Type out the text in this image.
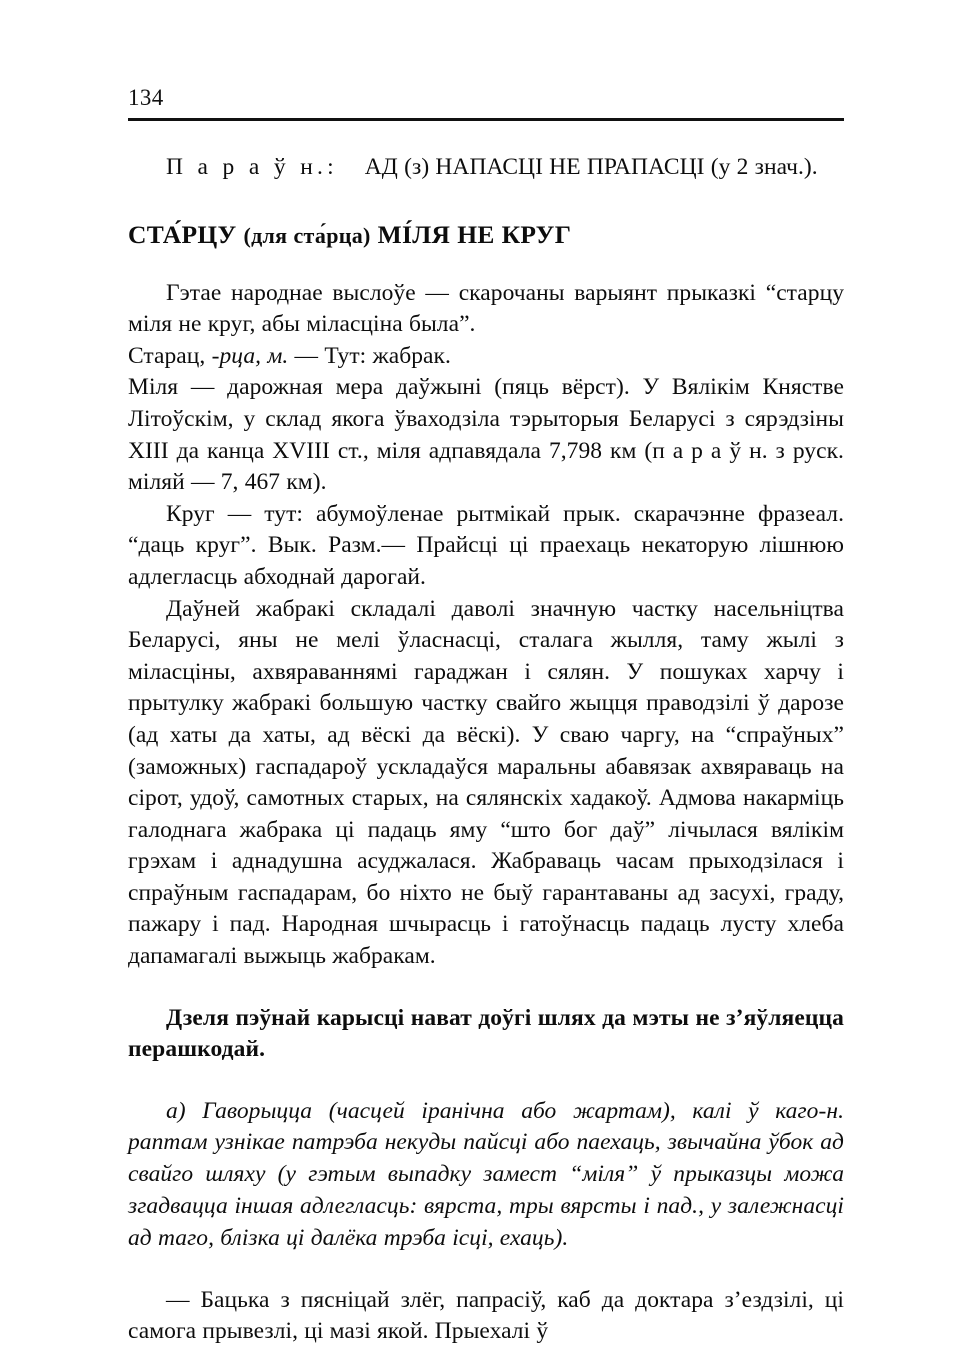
134

П а р а ў н.: АД (з) НАПАСЦІ НЕ ПРАПАСЦІ (у 2 знач.).

СТА́РЦУ (для ста́рца) МІ́ЛЯ НЕ КРУГ

Гэтае народнае выслоўе — скарочаны варыянт прыказкі “старцу міля не круг, абы міласціна была”.

Старац, -рца, м. — Тут: жабрак.

Міля — дарожная мера даўжыні (пяць вёрст). У Вялікім Княстве Літоўскім, у склад якога ўваходзіла тэрыторыя Беларусі з сярэдзіны XIII да канца XVIII ст., міля адпавядала 7,798 км (п а р а ў н. з руск. міляй — 7, 467 км).

Круг — тут: абумоўленае рытмікай прык. скарачэнне фразеал. “даць круг”. Вык. Разм.— Прайсці ці праехаць некаторую лішнюю адлегласць абходнай дарогай.

Даўней жабракі складалі даволі значную частку насельніцтва Беларусі, яны не мелі ўласнасці, сталага жылля, таму жылі з міласціны, ахвяраваннямі гараджан і сялян. У пошуках харчу і прытулку жабракі большую частку свайго жыцця праводзілі ў дарозе (ад хаты да хаты, ад вёскі да вёскі). У сваю чаргу, на “спраўных” (заможных) гаспадароў ускладаўся маральны абавязак ахвяраваць на сірот, удоў, самотных старых, на сялянскіх хадакоў. Адмова накарміць галоднага жабрака ці падаць яму “што бог даў” лічылася вялікім грэхам і аднадушна асуджалася. Жабраваць часам прыходзілася і спраўным гаспадарам, бо ніхто не быў гарантаваны ад засухі, граду, пажару і пад. Народная шчырасць і гатоўнасць падаць лусту хлеба дапамагалі выжыць жабракам.

Дзеля пэўнай карысці нават доўгі шлях да мэты не з’яўляецца перашкодай.

а) Гаворыцца (часцей іранічна або жартам), калі ў каго-н. раптам узнікае патрэба некуды пайсці або паехаць, звычайна ўбок ад свайго шляху (у гэтым выпадку замест “міля” ў прыказцы можа згадвацца іншая адлегласць: вярста, тры вярсты і пад., у залежнасці ад таго, блізка ці далёка трэба ісці, ехаць).

— Бацька з пясніцай злёг, папрасіў, каб да доктара з’ездзілі, ці самога прывезлі, ці мазі якой. Прыехалі ў
